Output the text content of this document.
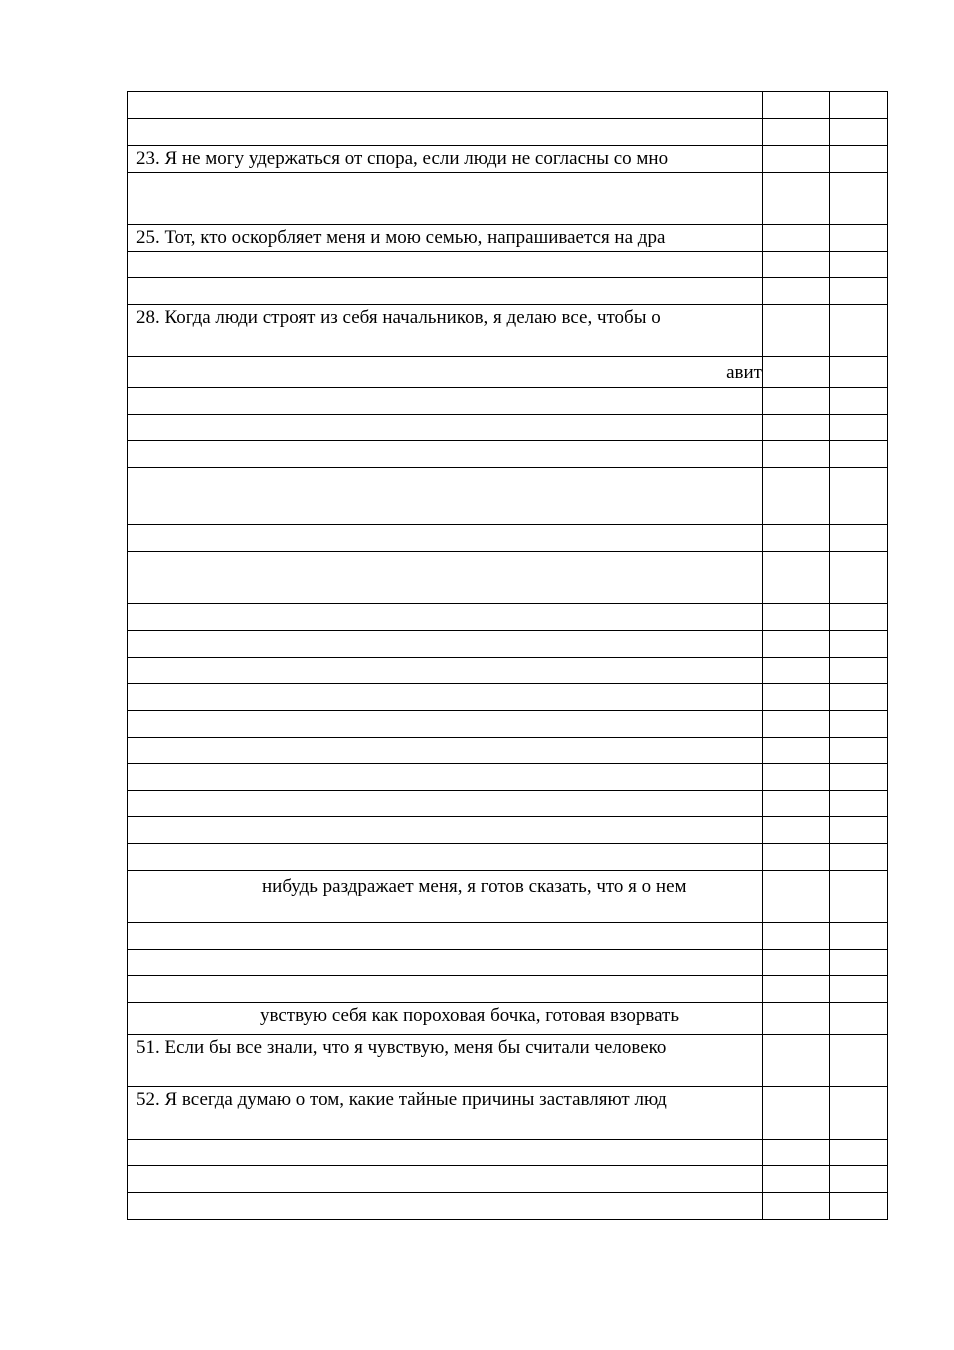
23. Я не могу удержаться от спора, если люди не согласны со мно
25. Тот, кто оскорбляет меня и мою семью, напрашивается на дра
28. Когда люди строят из себя начальников, я делаю все, чтобы о
авит
нибудь раздражает меня, я готов сказать, что я о нем
увствую себя как пороховая бочка, готовая взорвать
51. Если бы все знали, что я чувствую, меня бы считали человеко
52. Я всегда думаю о том, какие тайные причины заставляют люд
